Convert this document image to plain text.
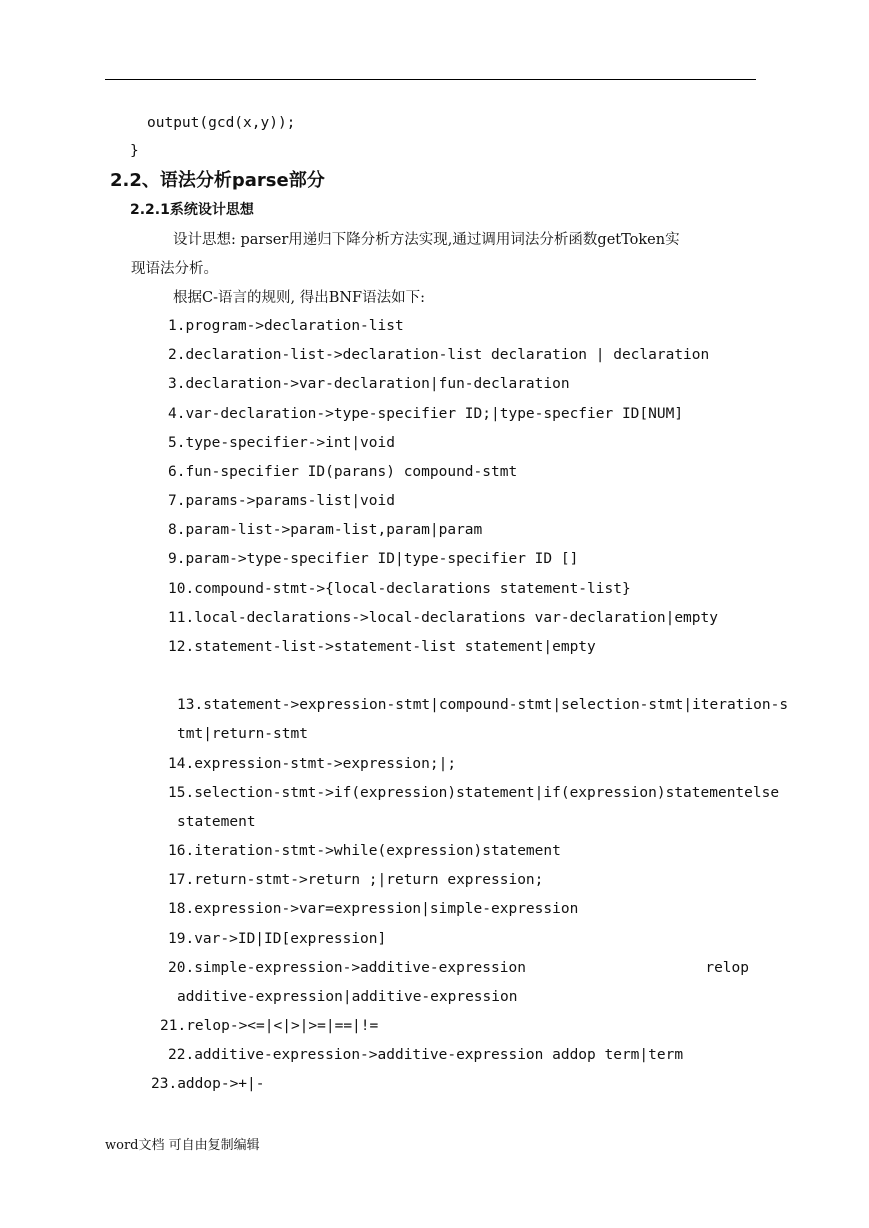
output(gcd(x,y));
}
2.2、语法分析parse部分
2.2.1系统设计思想
设计思想: parser用递归下降分析方法实现,通过调用词法分析函数getToken实
现语法分析。
根据C-语言的规则, 得出BNF语法如下:
1.program->declaration-list
2.declaration-list->declaration-list declaration | declaration
3.declaration->var-declaration|fun-declaration
4.var-declaration->type-specifier ID;|type-specfier ID[NUM]
5.type-specifier->int|void
6.fun-specifier ID(parans) compound-stmt
7.params->params-list|void
8.param-list->param-list,param|param
9.param->type-specifier ID|type-specifier ID []
10.compound-stmt->{local-declarations statement-list}
11.local-declarations->local-declarations var-declaration|empty
12.statement-list->statement-list statement|empty
13.statement->expression-stmt|compound-stmt|selection-stmt|iteration-s
tmt|return-stmt
14.expression-stmt->expression;|;
15.selection-stmt->if(expression)statement|if(expression)statement else
statement
16.iteration-stmt->while(expression)statement
17.return-stmt->return ;|return expression;
18.expression->var=expression|simple-expression
19.var->ID|ID[expression]
20.simple-expression->additive-expression	relop
additive-expression|additive-expression
21.relop-><=|<|>|>=|==|!=
22.additive-expression->additive-expression addop term|term
23.addop->+|-
word文档 可自由复制编辑
